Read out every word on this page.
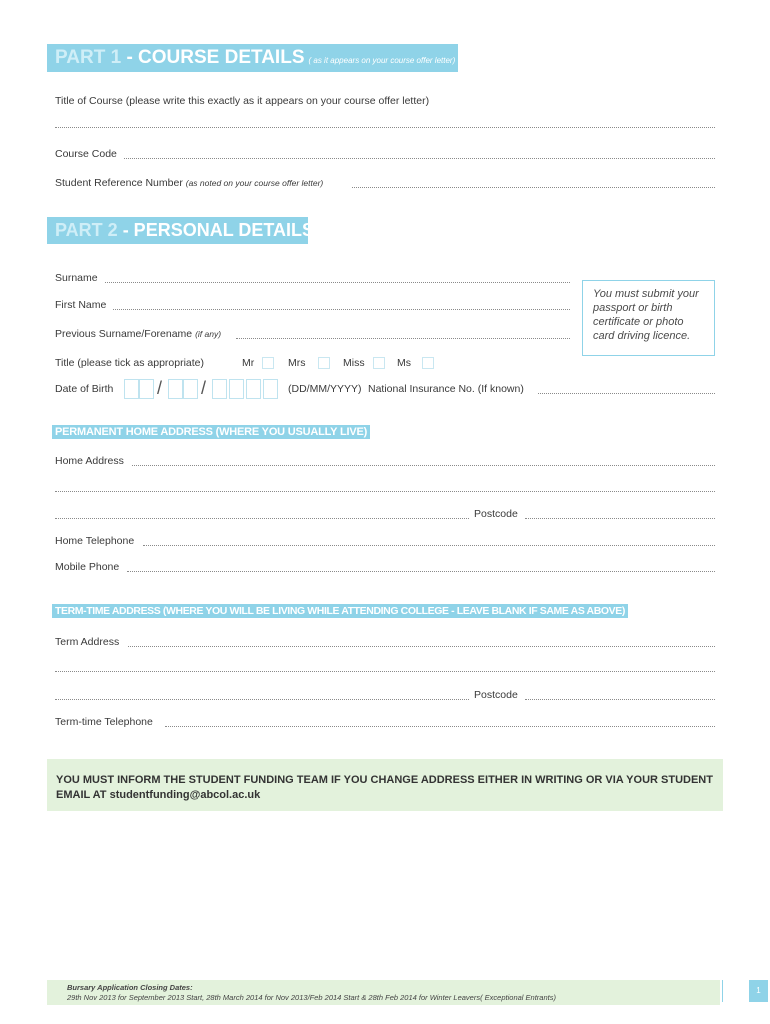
PART 1 - COURSE DETAILS ( as it appears on your course offer letter)
Title of Course (please write this exactly as it appears on your course offer letter)
Course Code
Student Reference Number (as noted on your course offer letter)
PART 2 - PERSONAL DETAILS
Surname
First Name
Previous Surname/Forename (if any)
You must submit your passport or birth certificate or photo card driving licence.
Title (please tick as appropriate)	Mr	Mrs	Miss	Ms
Date of Birth / /	(DD/MM/YYYY) National Insurance No. (If known)
PERMANENT HOME ADDRESS (WHERE YOU USUALLY LIVE)
Home Address
Postcode
Home Telephone
Mobile Phone
TERM-TIME ADDRESS (WHERE YOU WILL BE LIVING WHILE ATTENDING COLLEGE - LEAVE BLANK IF SAME AS ABOVE)
Term Address
Postcode
Term-time Telephone
YOU MUST INFORM THE STUDENT FUNDING TEAM IF YOU CHANGE ADDRESS EITHER IN WRITING OR VIA YOUR STUDENT EMAIL AT studentfunding@abcol.ac.uk
Bursary Application Closing Dates:
29th Nov 2013 for September 2013 Start, 28th March 2014 for Nov 2013/Feb 2014 Start & 28th Feb 2014 for Winter Leavers( Exceptional Entrants)
1
